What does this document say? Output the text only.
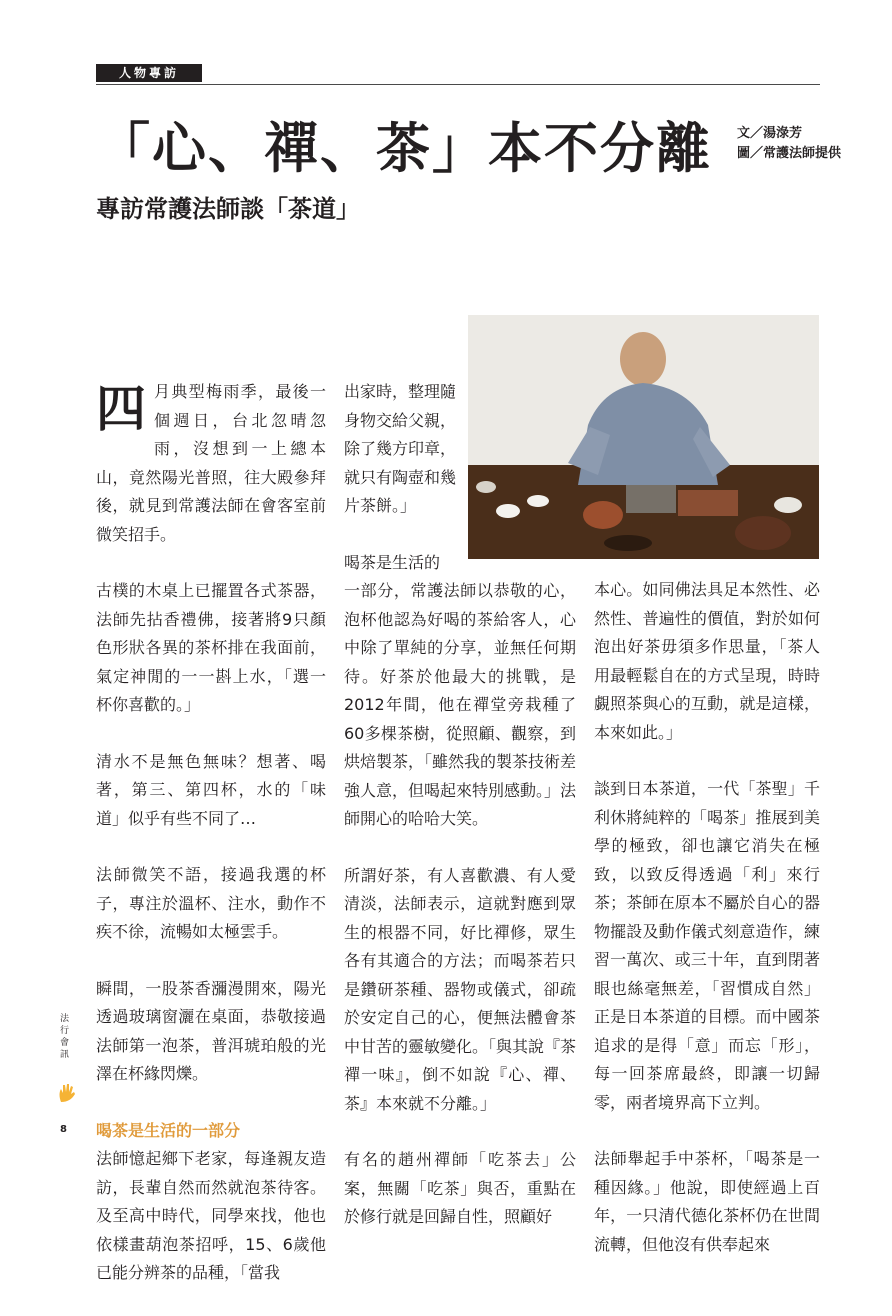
人物專訪
「心、禪、茶」本不分離
專訪常護法師談「茶道」
文／湯淥芳
圖／常護法師提供

四月典型梅雨季，最後一個週日，台北忽晴忽雨，沒想到一上總本山，竟然陽光普照，往大殿參拜後，就見到常護法師在會客室前微笑招手。

古樸的木桌上已擺置各式茶器，法師先拈香禮佛，接著將9只顏色形狀各異的茶杯排在我面前，氣定神閒的一一斟上水，「選一杯你喜歡的。」

清水不是無色無味？想著、喝著，第三、第四杯，水的「味道」似乎有些不同了…

法師微笑不語，接過我選的杯子，專注於溫杯、注水，動作不疾不徐，流暢如太極雲手。

瞬間，一股茶香瀰漫開來，陽光透過玻璃窗灑在桌面，恭敬接過法師第一泡茶，普洱琥珀般的光澤在杯緣閃爍。

喝茶是生活的一部分

法師憶起鄉下老家，每逢親友造訪，長輩自然而然就泡茶待客。及至高中時代，同學來找，他也依樣畫葫泡茶招呼，15、6歲他已能分辨茶的品種，「當我

出家時，整理隨身物交給父親，除了幾方印章，就只有陶壺和幾片茶餅。」

喝茶是生活的

一部分，常護法師以恭敬的心，泡杯他認為好喝的茶給客人，心中除了單純的分享，並無任何期待。好茶於他最大的挑戰，是2012年間，他在禪堂旁栽種了60多棵茶樹，從照顧、觀察，到烘焙製茶，「雖然我的製茶技術差強人意，但喝起來特別感動。」法師開心的哈哈大笑。

所謂好茶，有人喜歡濃、有人愛清淡，法師表示，這就對應到眾生的根器不同，好比禪修，眾生各有其適合的方法；而喝茶若只是鑽研茶種、器物或儀式，卻疏於安定自己的心，便無法體會茶中甘苦的靈敏變化。「與其說『茶禪一味』，倒不如說『心、禪、茶』本來就不分離。」

有名的趙州禪師「吃茶去」公案，無關「吃茶」與否，重點在於修行就是回歸自性，照顧好

本心。如同佛法具足本然性、必然性、普遍性的價值，對於如何泡出好茶毋須多作思量，「茶人用最輕鬆自在的方式呈現，時時覷照茶與心的互動，就是這樣，本來如此。」

談到日本茶道，一代「茶聖」千利休將純粹的「喝茶」推展到美學的極致，卻也讓它消失在極致，以致反得透過「利」來行茶；茶師在原本不屬於自心的器物擺設及動作儀式刻意造作，練習一萬次、或三十年，直到閉著眼也絲毫無差，「習慣成自然」正是日本茶道的目標。而中國茶追求的是得「意」而忘「形」，每一回茶席最終，即讓一切歸零，兩者境界高下立判。

法師舉起手中茶杯，「喝茶是一種因緣。」他說，即使經過上百年，一只清代德化茶杯仍在世間流轉，但他沒有供奉起來

法行會訊
8
